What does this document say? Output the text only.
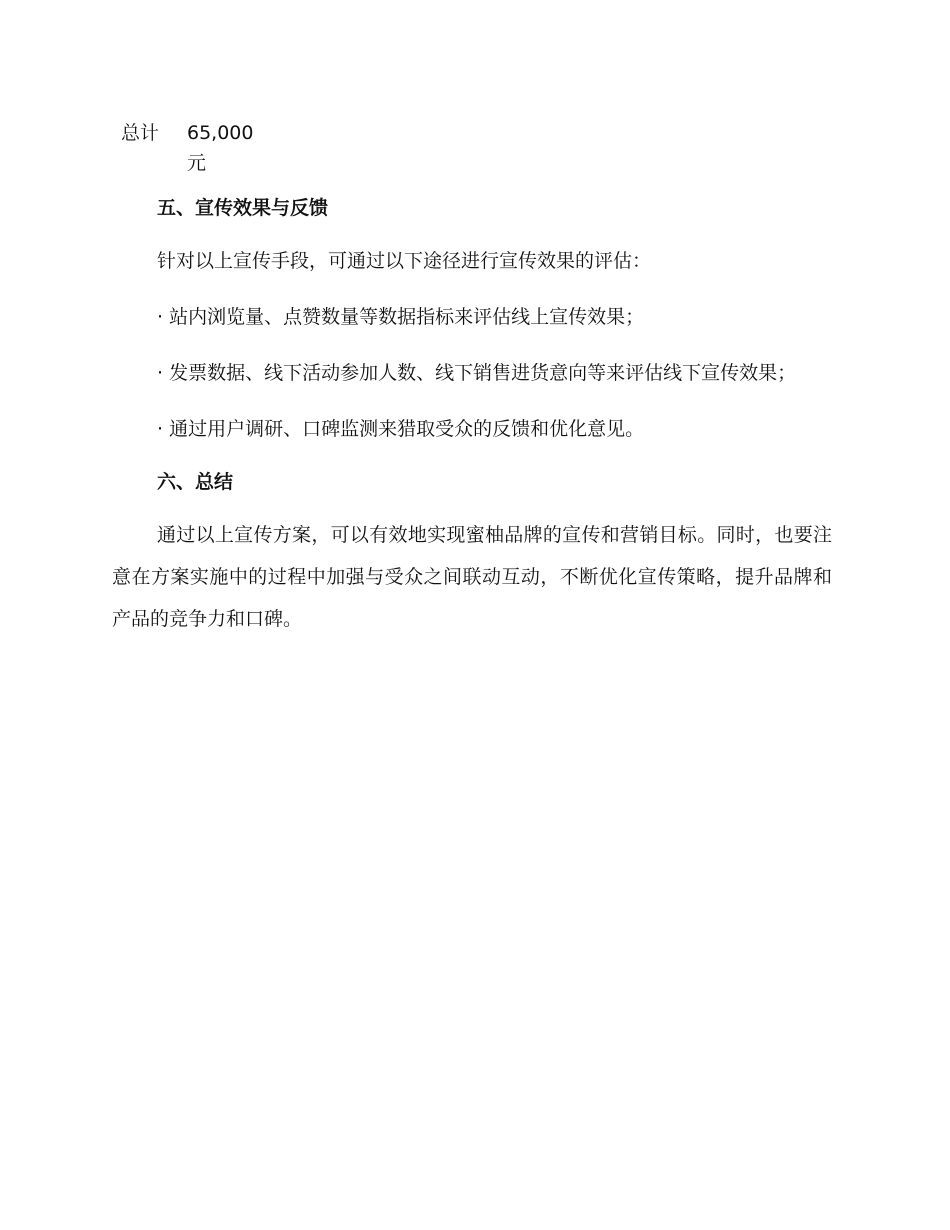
总计 65,000
元

五、宣传效果与反馈

针对以上宣传手段，可通过以下途径进行宣传效果的评估：

· 站内浏览量、点赞数量等数据指标来评估线上宣传效果；

· 发票数据、线下活动参加人数、线下销售进货意向等来评估线下宣传效果；

· 通过用户调研、口碑监测来猎取受众的反馈和优化意见。

六、总结

通过以上宣传方案，可以有效地实现蜜柚品牌的宣传和营销目标。同时，也要注意在方案实施中的过程中加强与受众之间联动互动，不断优化宣传策略，提升品牌和产品的竞争力和口碑。
